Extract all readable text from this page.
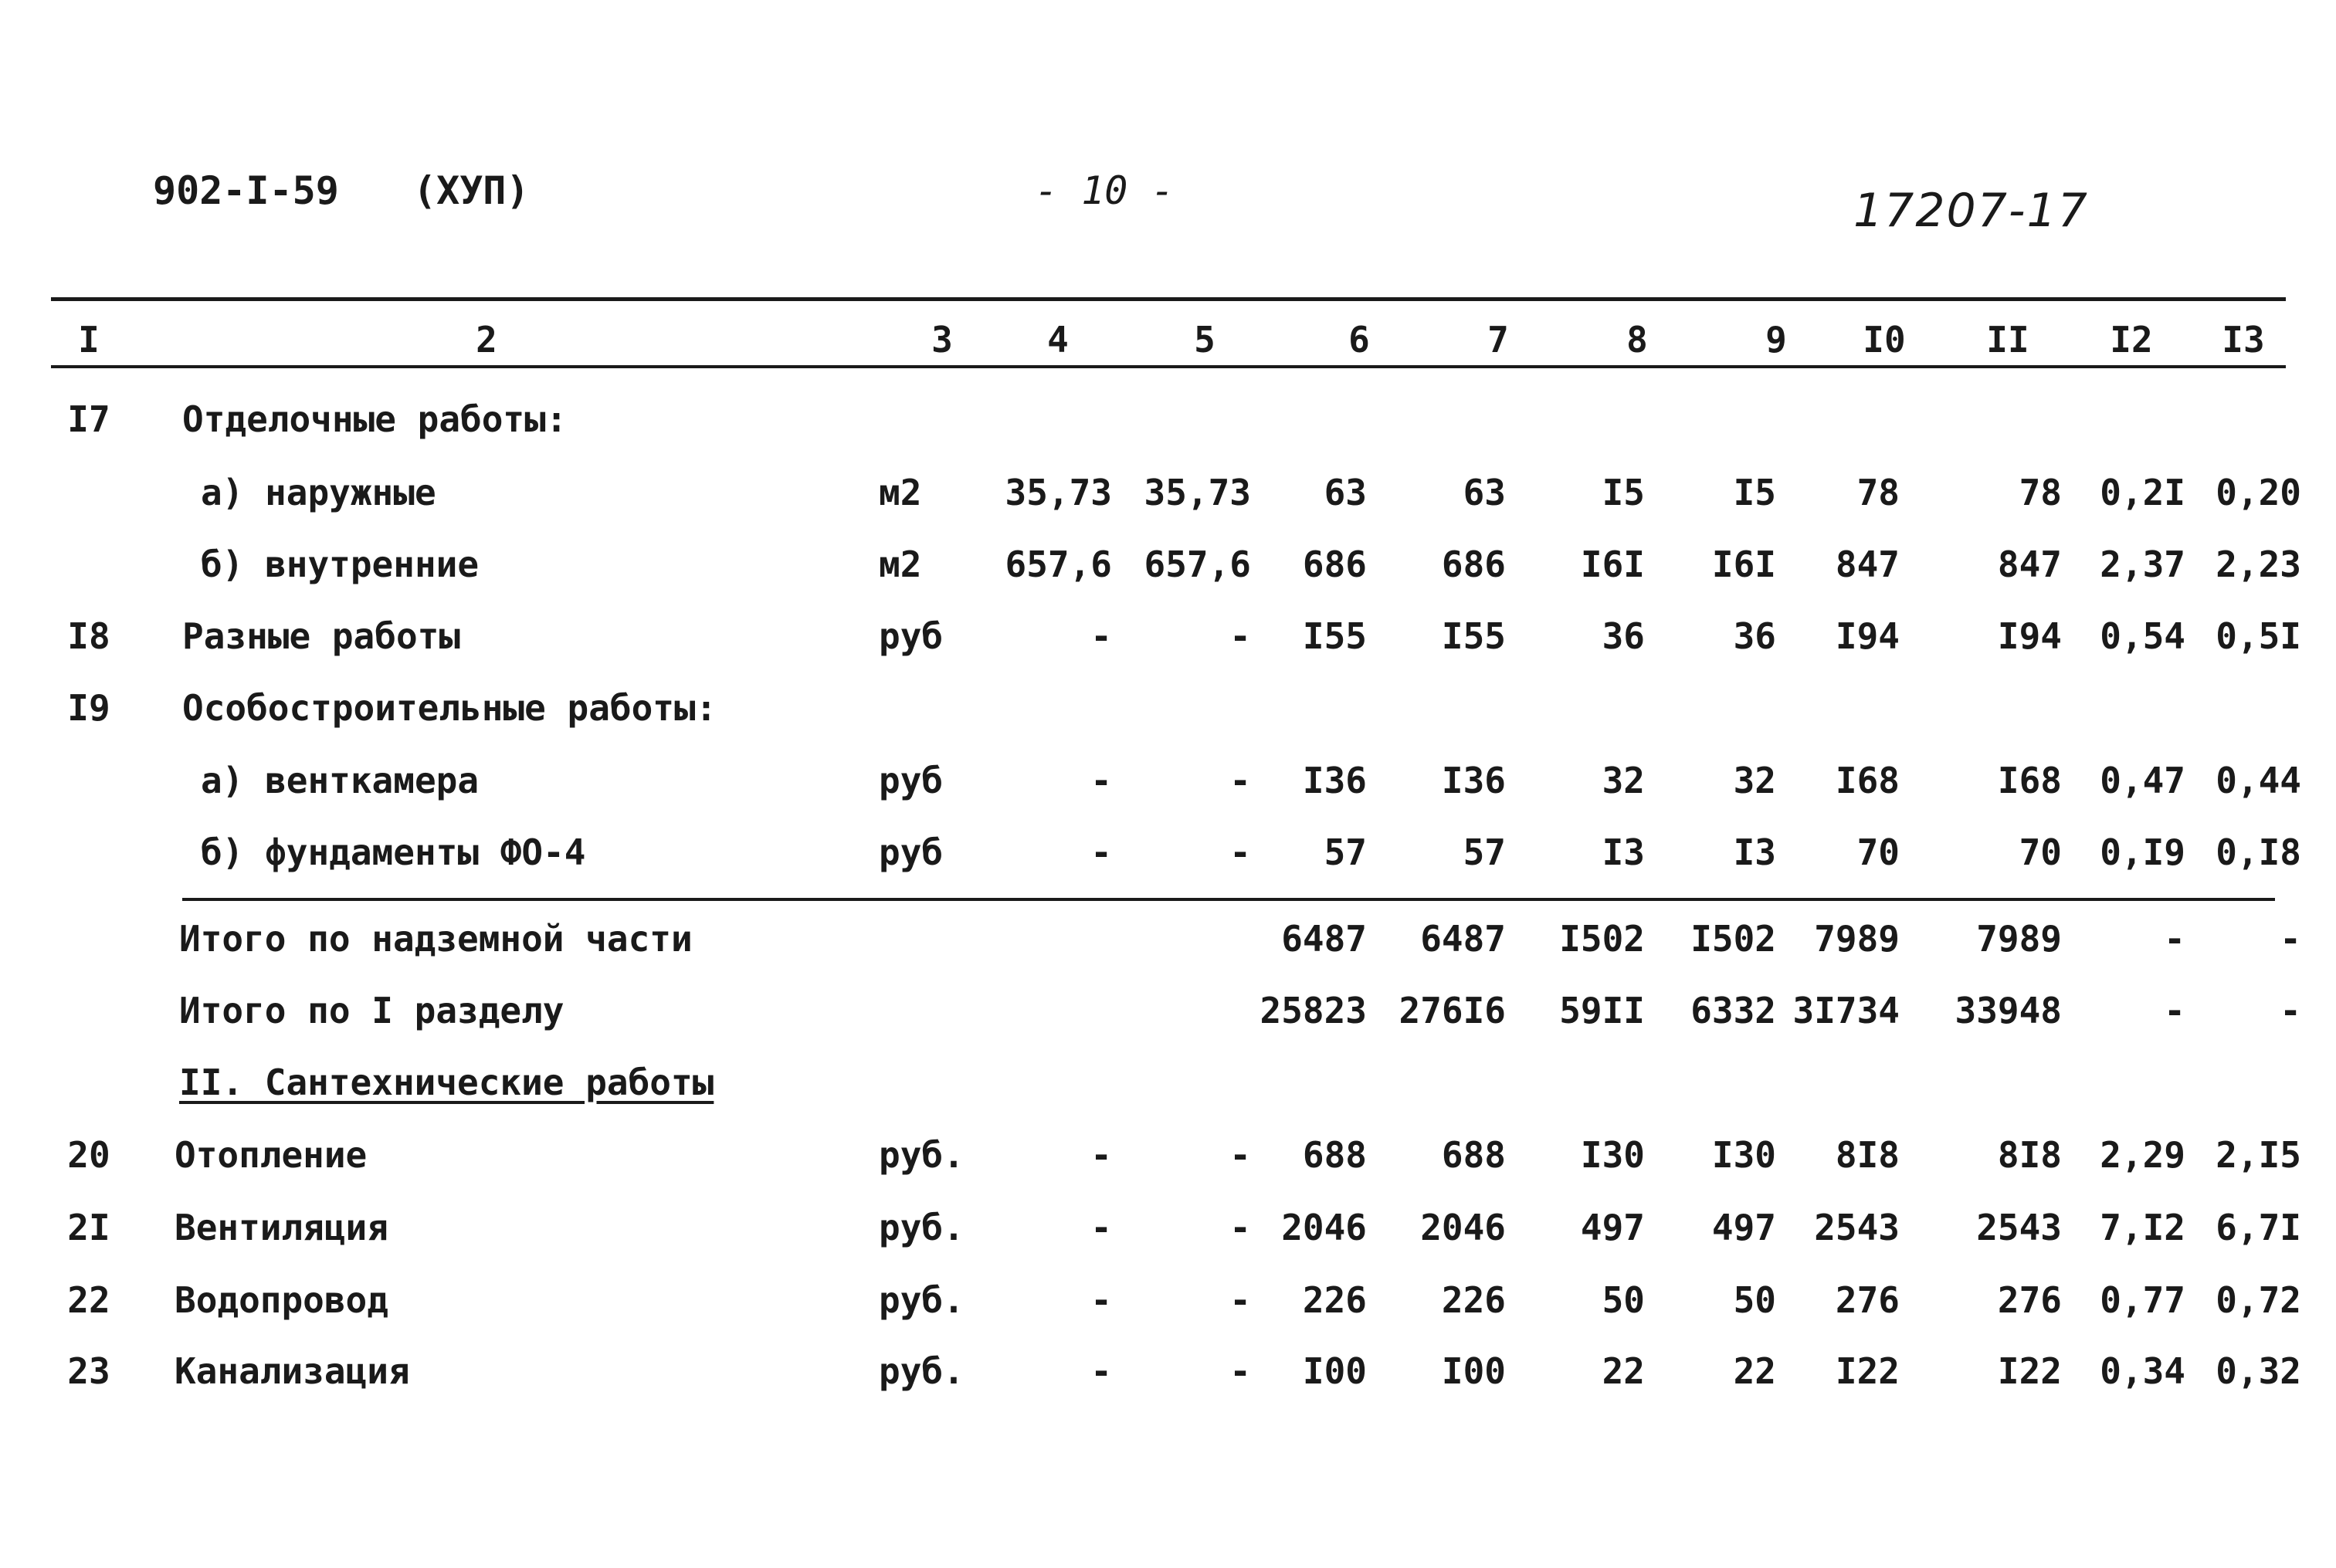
902-I-59 (XУП)	- 10 -	17207-17
I	2	3	4	5	6	7	8	9	I0	II	I2	I3
I7	Отделочные работы:
а) наружные	м2	35,73 35,73	63	63	I5	I5	78	78	0,2I 0,20
б) внутренние	м2	657,6 657,6	686	686	I6I	I6I	847	847	2,37 2,23
I8	Разные работы	руб	-	-	I55	I55	36	36	I94	I94	0,54 0,5I
I9	Особостроительные работы:
а) венткамера	руб	-	-	I36	I36	32	32	I68	I68	0,47 0,44
б) фундаменты ФО-4	руб	-	-	57	57	I3	I3	70	70	0,I9 0,I8
Итого по надземной части	6487	6487	I502	I502	7989	7989	-	-
Итого по I разделу	25823 276I6	59II	6332 3I734	33948	-	-
II. Сантехнические работы
20	Отопление	руб.	-	-	688	688	I30	I30	8I8	8I8	2,29 2,I5
2I	Вентиляция	руб.	-	- 2046	2046	497	497	2543	2543	7,I2 6,7I
22	Водопровод	руб.	-	-	226	226	50	50	276	276	0,77 0,72
23	Канализация	руб.	-	-	I00	I00	22	22	I22	I22	0,34 0,32
